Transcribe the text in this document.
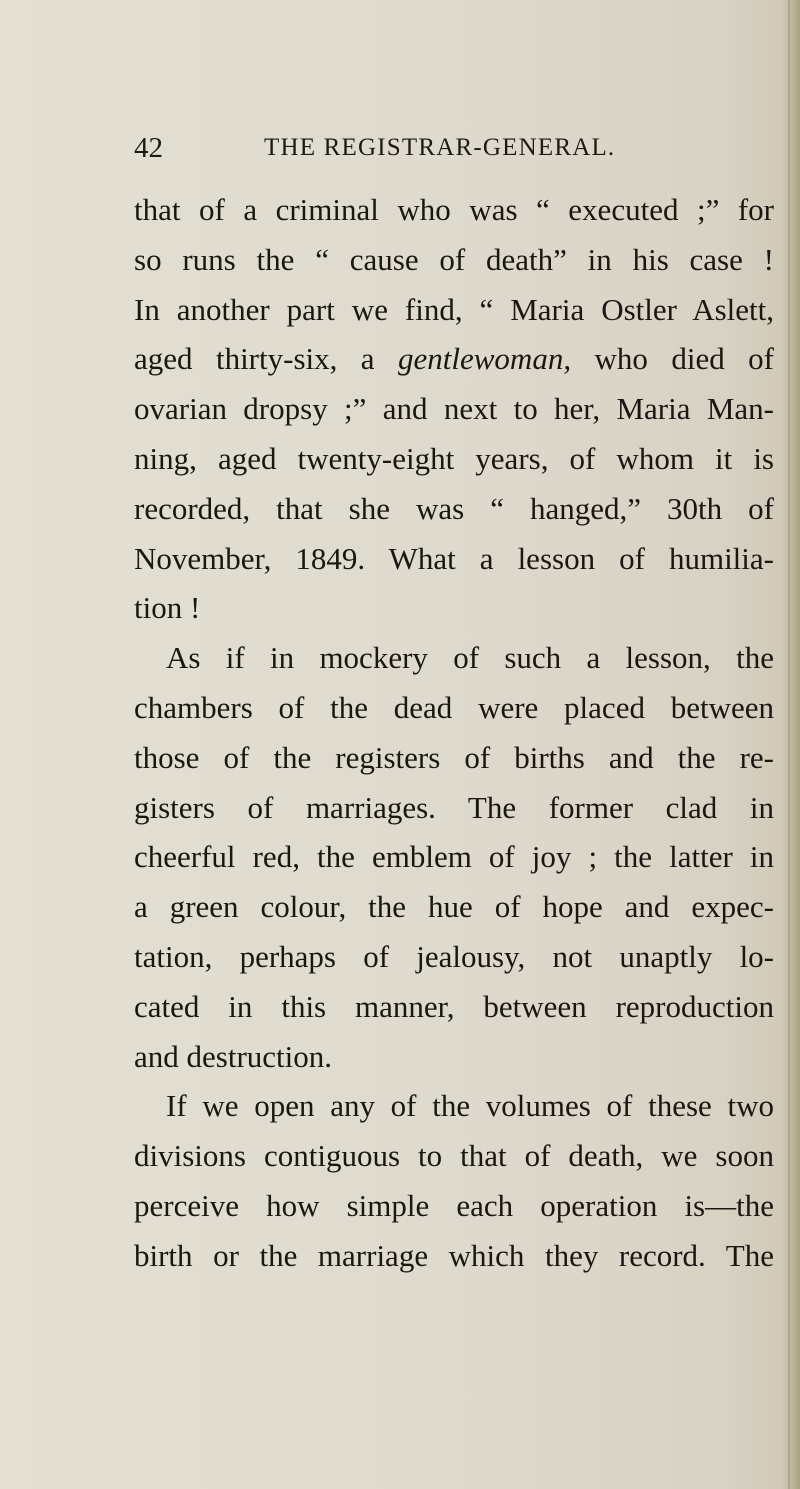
42	THE REGISTRAR-GENERAL.
that of a criminal who was “ executed ;” for
so runs the “ cause of death” in his case !
In another part we find, “ Maria Ostler Aslett,
aged thirty-six, a gentlewoman, who died of
ovarian dropsy ;” and next to her, Maria Man-
ning, aged twenty-eight years, of whom it is
recorded, that she was “ hanged,” 30th of
November, 1849. What a lesson of humilia-
tion !
As if in mockery of such a lesson, the
chambers of the dead were placed between
those of the registers of births and the re-
gisters of marriages. The former clad in
cheerful red, the emblem of joy ; the latter in
a green colour, the hue of hope and expec-
tation, perhaps of jealousy, not unaptly lo-
cated in this manner, between reproduction
and destruction.
If we open any of the volumes of these two
divisions contiguous to that of death, we soon
perceive how simple each operation is—the
birth or the marriage which they record. The
